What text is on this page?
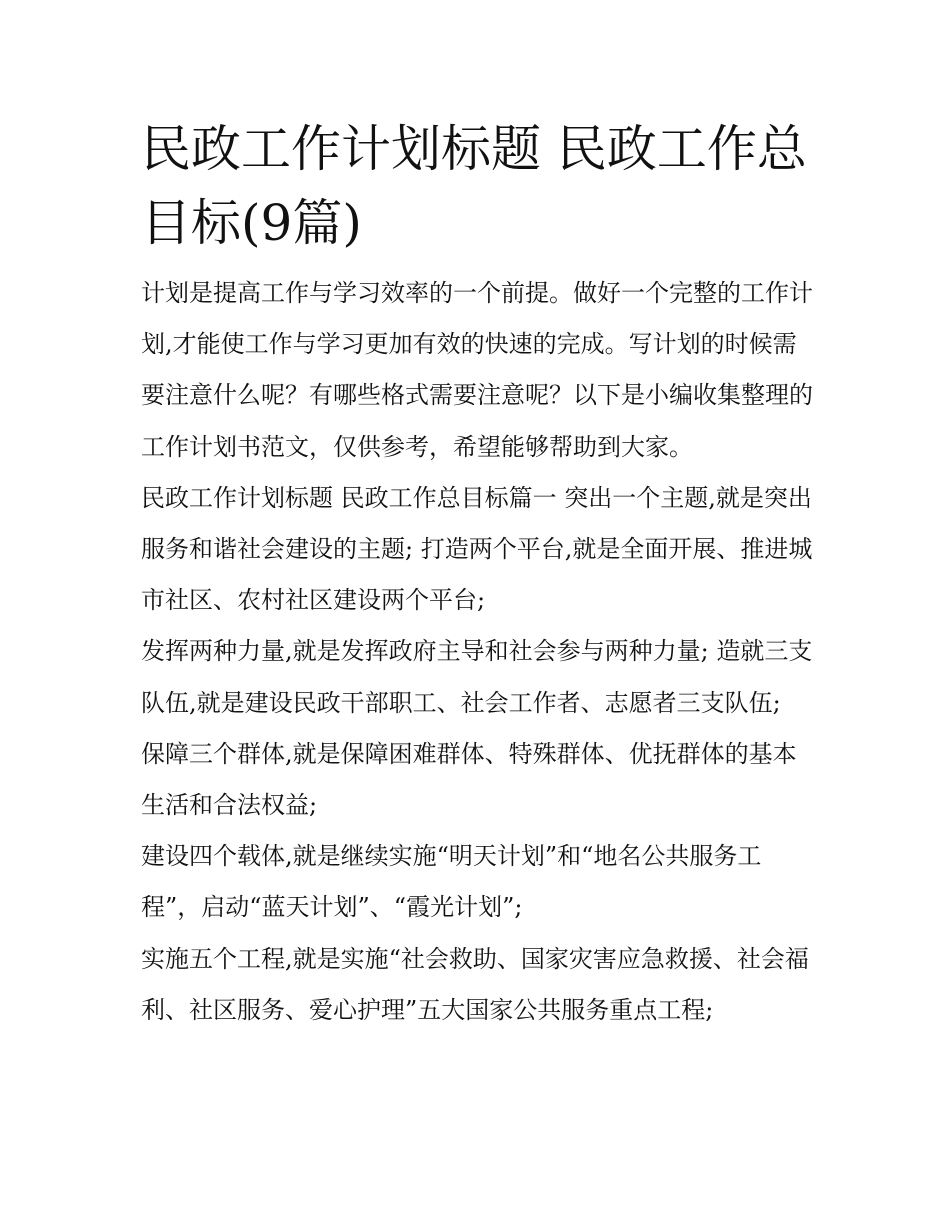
民政工作计划标题 民政工作总目标(9篇)

计划是提高工作与学习效率的一个前提。做好一个完整的工作计划,才能使工作与学习更加有效的快速的完成。写计划的时候需要注意什么呢？有哪些格式需要注意呢？以下是小编收集整理的工作计划书范文，仅供参考，希望能够帮助到大家。

民政工作计划标题 民政工作总目标篇一 突出一个主题,就是突出服务和谐社会建设的主题; 打造两个平台,就是全面开展、推进城市社区、农村社区建设两个平台;

发挥两种力量,就是发挥政府主导和社会参与两种力量; 造就三支队伍,就是建设民政干部职工、社会工作者、志愿者三支队伍;

保障三个群体,就是保障困难群体、特殊群体、优抚群体的基本生活和合法权益;

建设四个载体,就是继续实施“明天计划”和“地名公共服务工程”，启动“蓝天计划”、“霞光计划”;

实施五个工程,就是实施“社会救助、国家灾害应急救援、社会福利、社区服务、爱心护理”五大国家公共服务重点工程;
